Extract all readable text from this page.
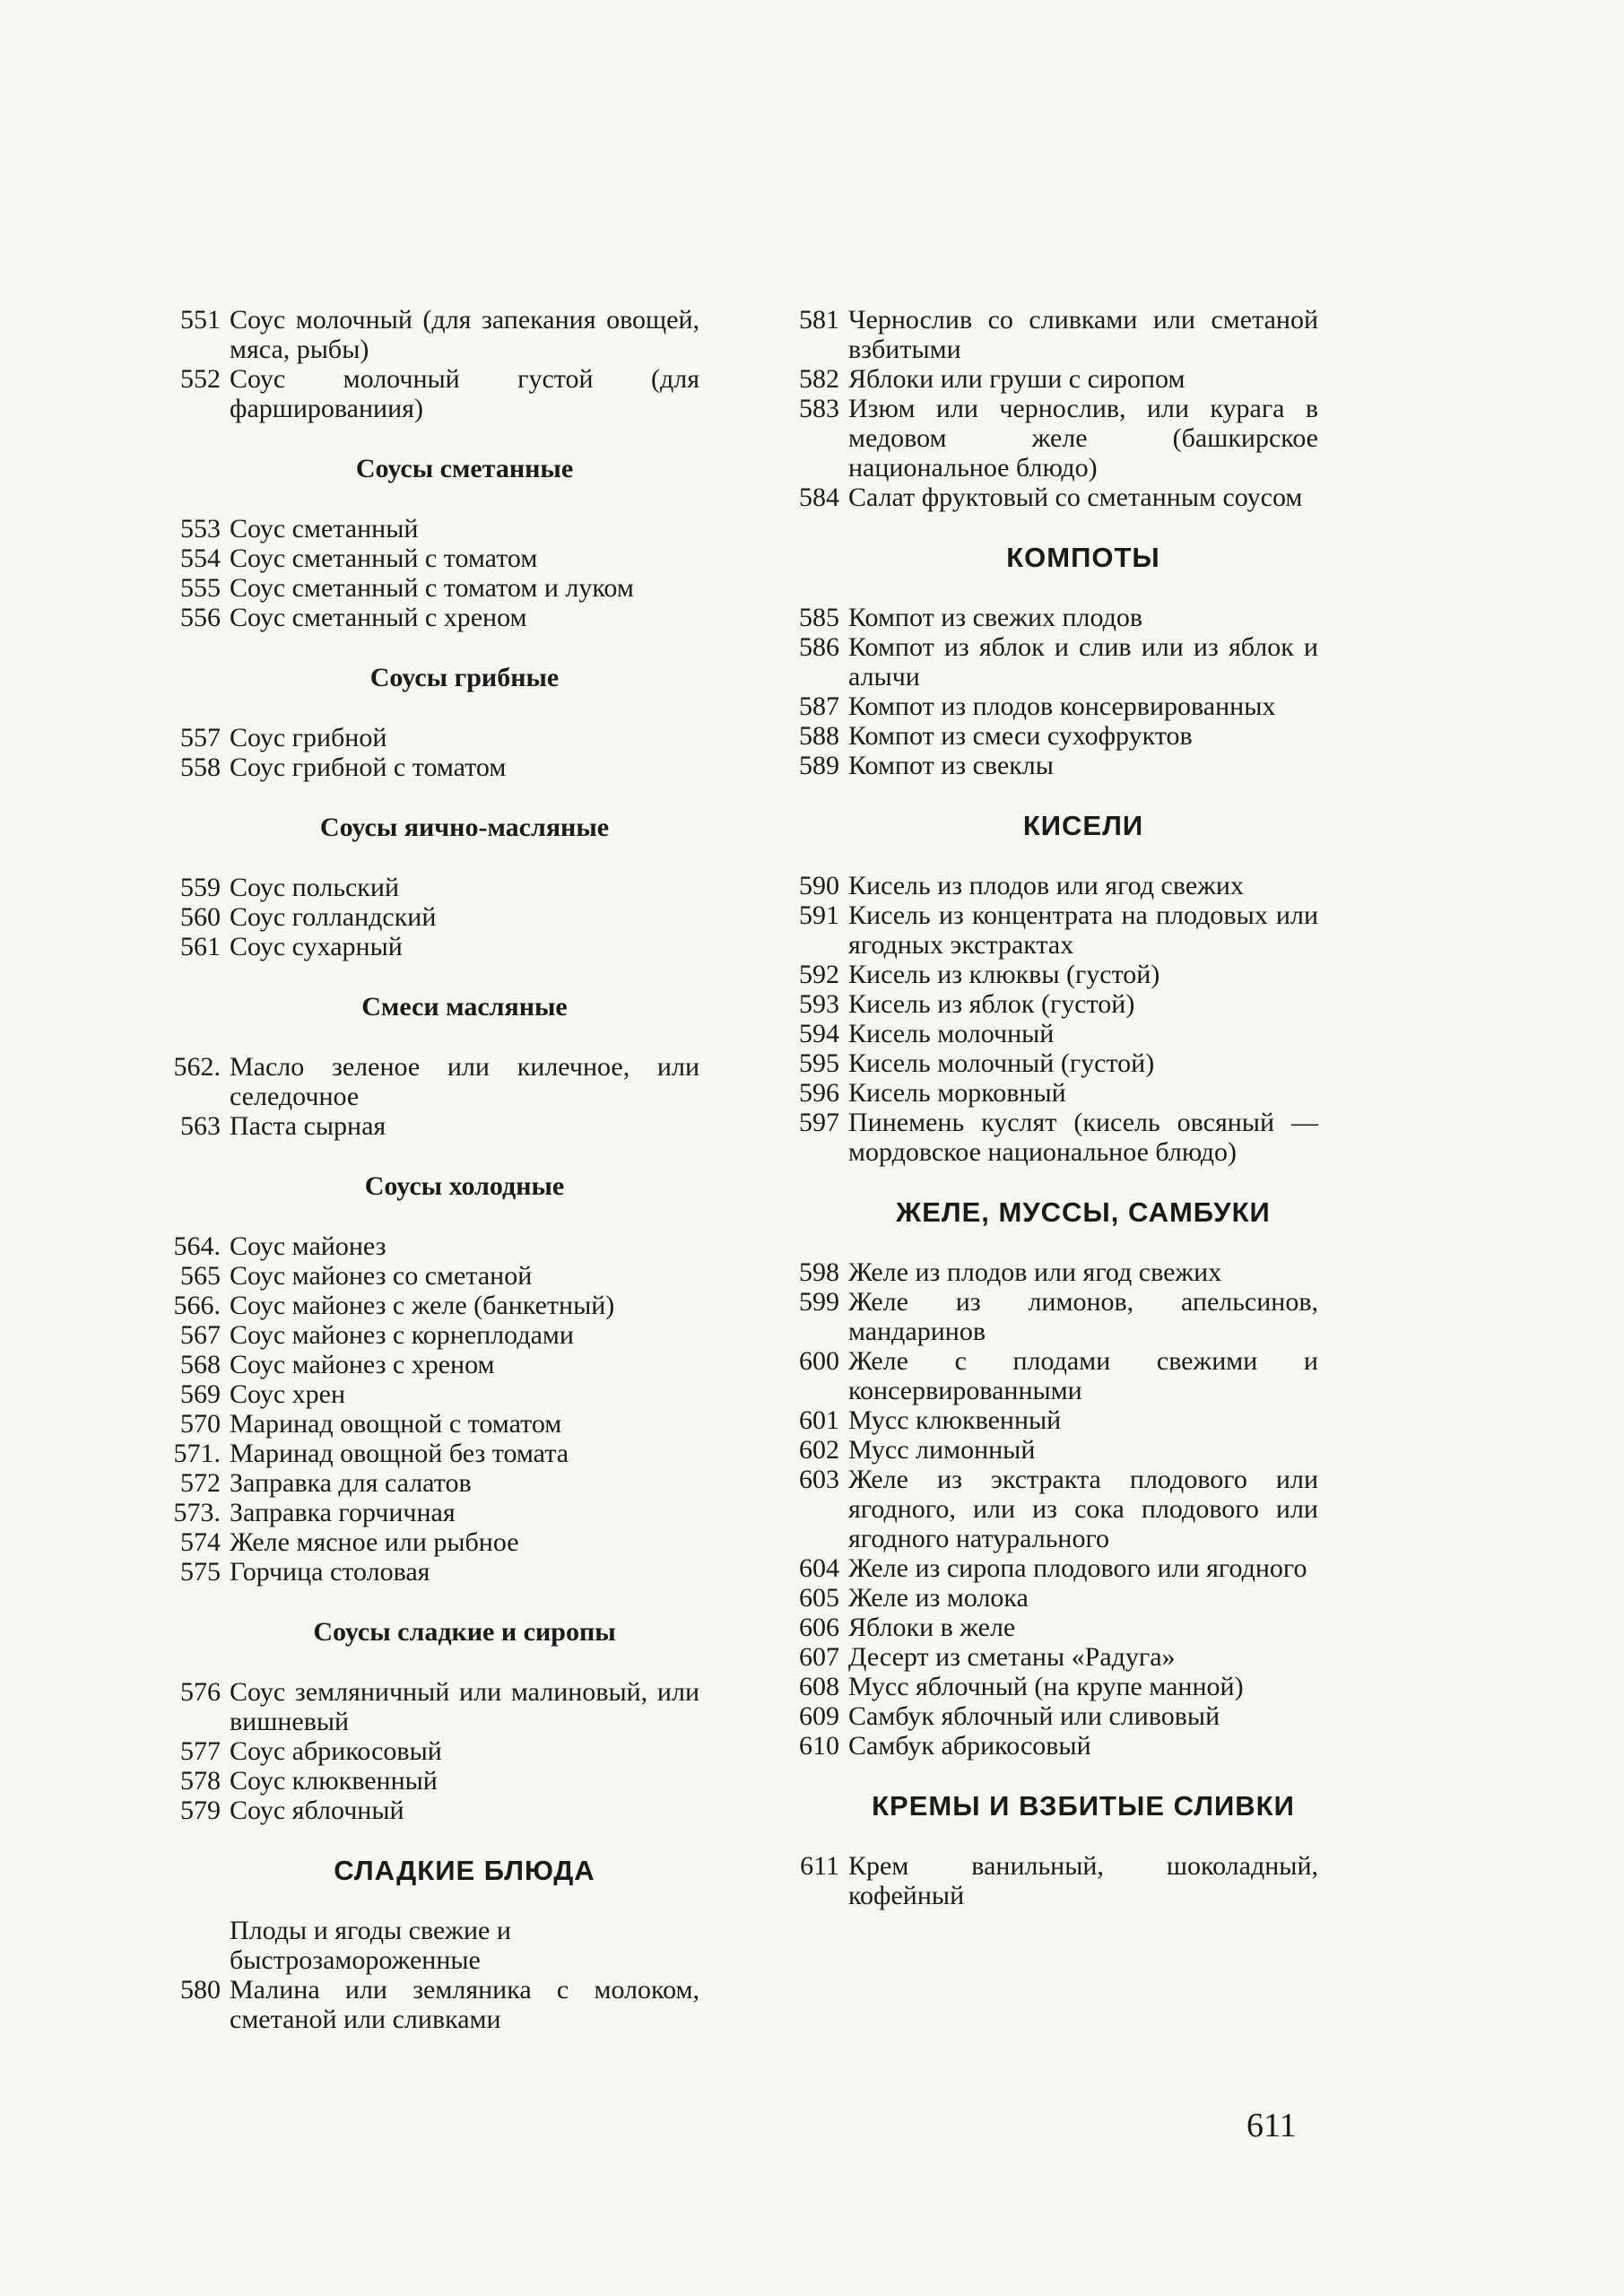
551 Соус молочный (для запекания овощей, мяса, рыбы)
552 Соус молочный густой (для фаршированиия)
Соусы сметанные
553 Соус сметанный
554 Соус сметанный с томатом
555 Соус сметанный с томатом и луком
556 Соус сметанный с хреном
Соусы грибные
557 Соус грибной
558 Соус грибной с томатом
Соусы яично-масляные
559 Соус польский
560 Соус голландский
561 Соус сухарный
Смеси масляные
562. Масло зеленое или килечное, или селедочное
563 Паста сырная
Соусы холодные
564. Соус майонез
565 Соус майонез со сметаной
566. Соус майонез с желе (банкетный)
567 Соус майонез с корнеплодами
568 Соус майонез с хреном
569 Соус хрен
570 Маринад овощной с томатом
571. Маринад овощной без томата
572 Заправка для салатов
573. Заправка горчичная
574 Желе мясное или рыбное
575 Горчица столовая
Соусы сладкие и сиропы
576 Соус земляничный или малиновый, или вишневый
577 Соус абрикосовый
578 Соус клюквенный
579 Соус яблочный
СЛАДКИЕ БЛЮДА
Плоды и ягоды свежие и быстрозамороженные
580 Малина или земляника с молоком, сметаной или сливками
581 Чернослив со сливками или сметаной взбитыми
582 Яблоки или груши с сиропом
583 Изюм или чернослив, или курага в медовом желе (башкирское национальное блюдо)
584 Салат фруктовый со сметанным соусом
КОМПОТЫ
585 Компот из свежих плодов
586 Компот из яблок и слив или из яблок и алычи
587 Компот из плодов консервированных
588 Компот из смеси сухофруктов
589 Компот из свеклы
КИСЕЛИ
590 Кисель из плодов или ягод свежих
591 Кисель из концентрата на плодовых или ягодных экстрактах
592 Кисель из клюквы (густой)
593 Кисель из яблок (густой)
594 Кисель молочный
595 Кисель молочный (густой)
596 Кисель морковный
597 Пинемень куслят (кисель овсяный — мордовское национальное блюдо)
ЖЕЛЕ, МУССЫ, САМБУКИ
598 Желе из плодов или ягод свежих
599 Желе из лимонов, апельсинов, мандаринов
600 Желе с плодами свежими и консервированными
601 Мусс клюквенный
602 Мусс лимонный
603 Желе из экстракта плодового или ягодного, или из сока плодового или ягодного натурального
604 Желе из сиропа плодового или ягодного
605 Желе из молока
606 Яблоки в желе
607 Десерт из сметаны «Радуга»
608 Мусс яблочный (на крупе манной)
609 Самбук яблочный или сливовый
610 Самбук абрикосовый
КРЕМЫ И ВЗБИТЫЕ СЛИВКИ
611 Крем ванильный, шоколадный, кофейный
611
